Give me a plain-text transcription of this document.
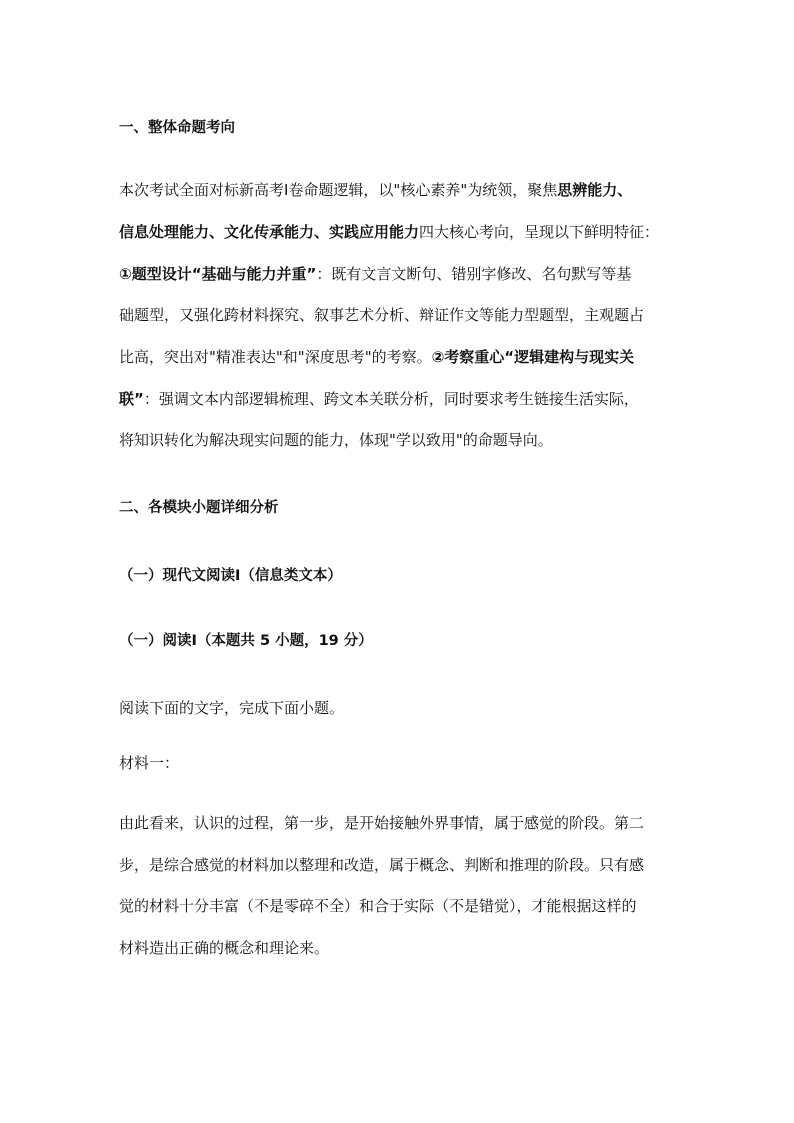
一、整体命题考向
本次考试全面对标新高考Ⅰ卷命题逻辑，以"核心素养"为统领，聚焦思辨能力、
信息处理能力、文化传承能力、实践应用能力四大核心考向，呈现以下鲜明特征：
①题型设计“基础与能力并重”：既有文言文断句、错别字修改、名句默写等基
础题型，又强化跨材料探究、叙事艺术分析、辩证作文等能力型题型，主观题占
比高，突出对"精准表达"和"深度思考"的考察。②考察重心“逻辑建构与现实关
联”：强调文本内部逻辑梳理、跨文本关联分析，同时要求考生链接生活实际，
将知识转化为解决现实问题的能力，体现"学以致用"的命题导向。
二、各模块小题详细分析
（一）现代文阅读Ⅰ（信息类文本）
（一）阅读Ⅰ（本题共 5 小题，19 分）
阅读下面的文字，完成下面小题。
材料一：
由此看来，认识的过程，第一步，是开始接触外界事情，属于感觉的阶段。第二
步，是综合感觉的材料加以整理和改造，属于概念、判断和推理的阶段。只有感
觉的材料十分丰富（不是零碎不全）和合于实际（不是错觉），才能根据这样的
材料造出正确的概念和理论来。
